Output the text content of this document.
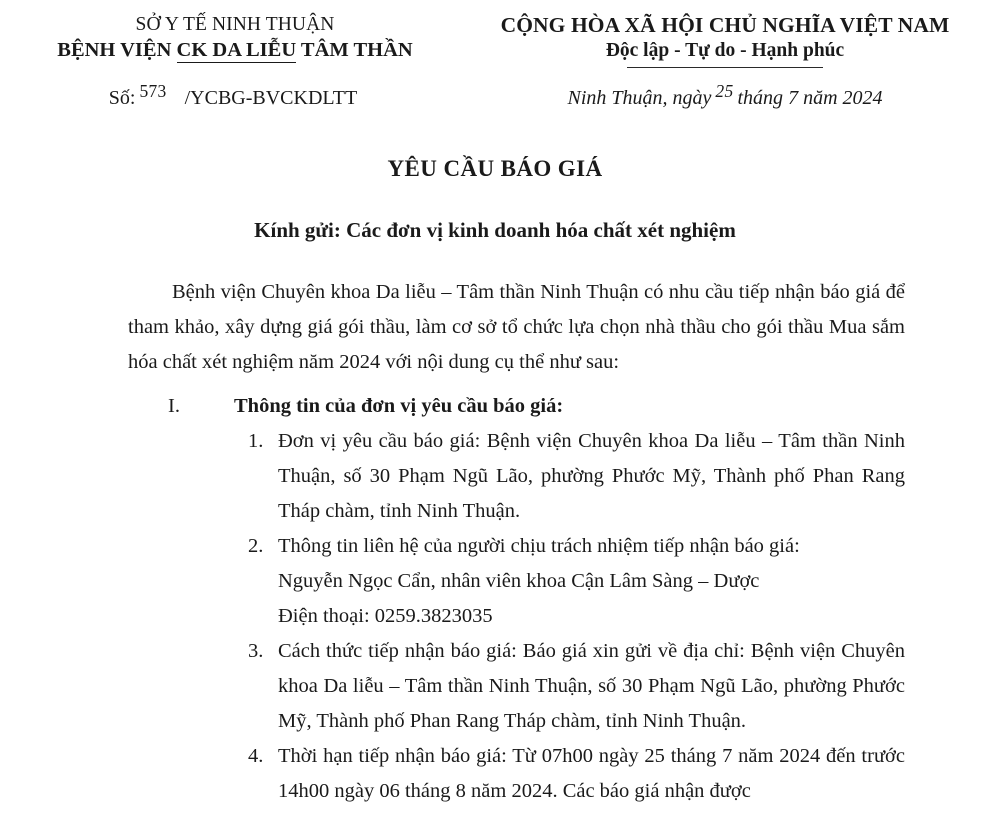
SỞ Y TẾ NINH THUẬN
BỆNH VIỆN CK DA LIỄU TÂM THẦN
CỘNG HÒA XÃ HỘI CHỦ NGHĨA VIỆT NAM
Độc lập - Tự do - Hạnh phúc
Số: 573 /YCBG-BVCKDLTT	Ninh Thuận, ngày 25 tháng 7 năm 2024
YÊU CẦU BÁO GIÁ
Kính gửi: Các đơn vị kinh doanh hóa chất xét nghiệm

Bệnh viện Chuyên khoa Da liễu – Tâm thần Ninh Thuận có nhu cầu tiếp nhận báo giá để tham khảo, xây dựng giá gói thầu, làm cơ sở tổ chức lựa chọn nhà thầu cho gói thầu Mua sắm hóa chất xét nghiệm năm 2024 với nội dung cụ thể như sau:

I.	Thông tin của đơn vị yêu cầu báo giá:
1. Đơn vị yêu cầu báo giá: Bệnh viện Chuyên khoa Da liễu – Tâm thần Ninh Thuận, số 30 Phạm Ngũ Lão, phường Phước Mỹ, Thành phố Phan Rang Tháp chàm, tỉnh Ninh Thuận.
2. Thông tin liên hệ của người chịu trách nhiệm tiếp nhận báo giá:
Nguyễn Ngọc Cẩn, nhân viên khoa Cận Lâm Sàng – Dược
Điện thoại: 0259.3823035
3. Cách thức tiếp nhận báo giá: Báo giá xin gửi về địa chỉ: Bệnh viện Chuyên khoa Da liễu – Tâm thần Ninh Thuận, số 30 Phạm Ngũ Lão, phường Phước Mỹ, Thành phố Phan Rang Tháp chàm, tỉnh Ninh Thuận.
4. Thời hạn tiếp nhận báo giá: Từ 07h00 ngày 25 tháng 7 năm 2024 đến trước 14h00 ngày 06 tháng 8 năm 2024. Các báo giá nhận được
